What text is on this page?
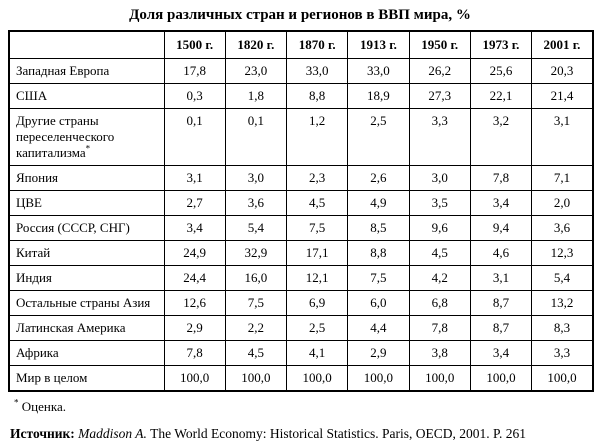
Доля различных стран и регионов в ВВП мира, %
	1500 г.	1820 г.	1870 г.	1913 г.	1950 г.	1973 г.	2001 г.
Западная Европа	17,8	23,0	33,0	33,0	26,2	25,6	20,3
США	0,3	1,8	8,8	18,9	27,3	22,1	21,4
Другие страны переселенческого капитализма*	0,1	0,1	1,2	2,5	3,3	3,2	3,1
Япония	3,1	3,0	2,3	2,6	3,0	7,8	7,1
ЦВЕ	2,7	3,6	4,5	4,9	3,5	3,4	2,0
Россия (СССР, СНГ)	3,4	5,4	7,5	8,5	9,6	9,4	3,6
Китай	24,9	32,9	17,1	8,8	4,5	4,6	12,3
Индия	24,4	16,0	12,1	7,5	4,2	3,1	5,4
Остальные страны Азия	12,6	7,5	6,9	6,0	6,8	8,7	13,2
Латинская Америка	2,9	2,2	2,5	4,4	7,8	8,7	8,3
Африка	7,8	4,5	4,1	2,9	3,8	3,4	3,3
Мир в целом	100,0	100,0	100,0	100,0	100,0	100,0	100,0
* Оценка.
Источник: Maddison A. The World Economy: Historical Statistics. Paris, OECD, 2001. P. 261
